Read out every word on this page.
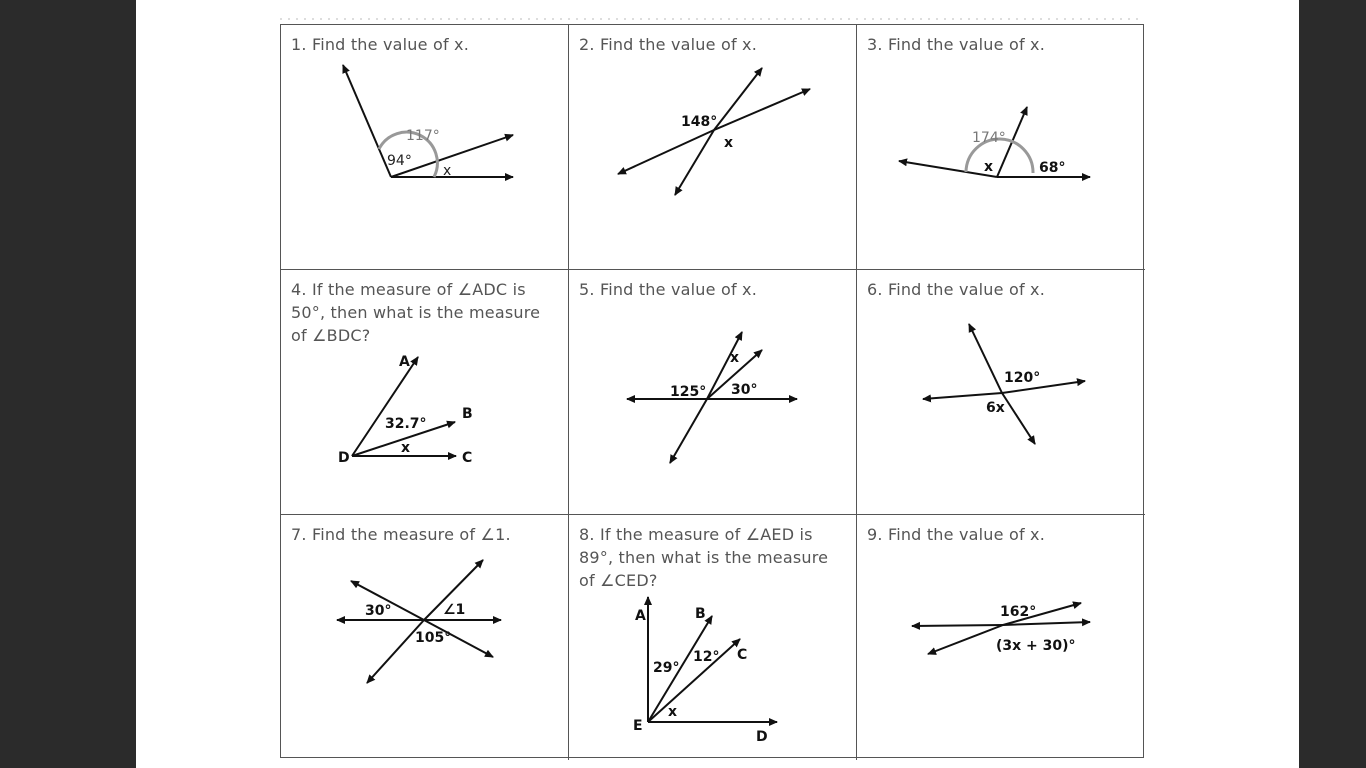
1. Find the value of x.
117°
94°
x
2. Find the value of x.
148°
x
3. Find the value of x.
174°
x	68°
4. If the measure of ∠ADC is 50°, then what is the measure of ∠BDC?
A
B
C
D
32.7°
x
5. Find the value of x.
125° 30°
x
6. Find the value of x.
120°
6x
7. Find the measure of ∠1.
30°	∠1
105°
8. If the measure of ∠AED is 89°, then what is the measure of ∠CED?
A	B
C
D
E
29°
12°
x
9. Find the value of x.
162°
(3x + 30)°
